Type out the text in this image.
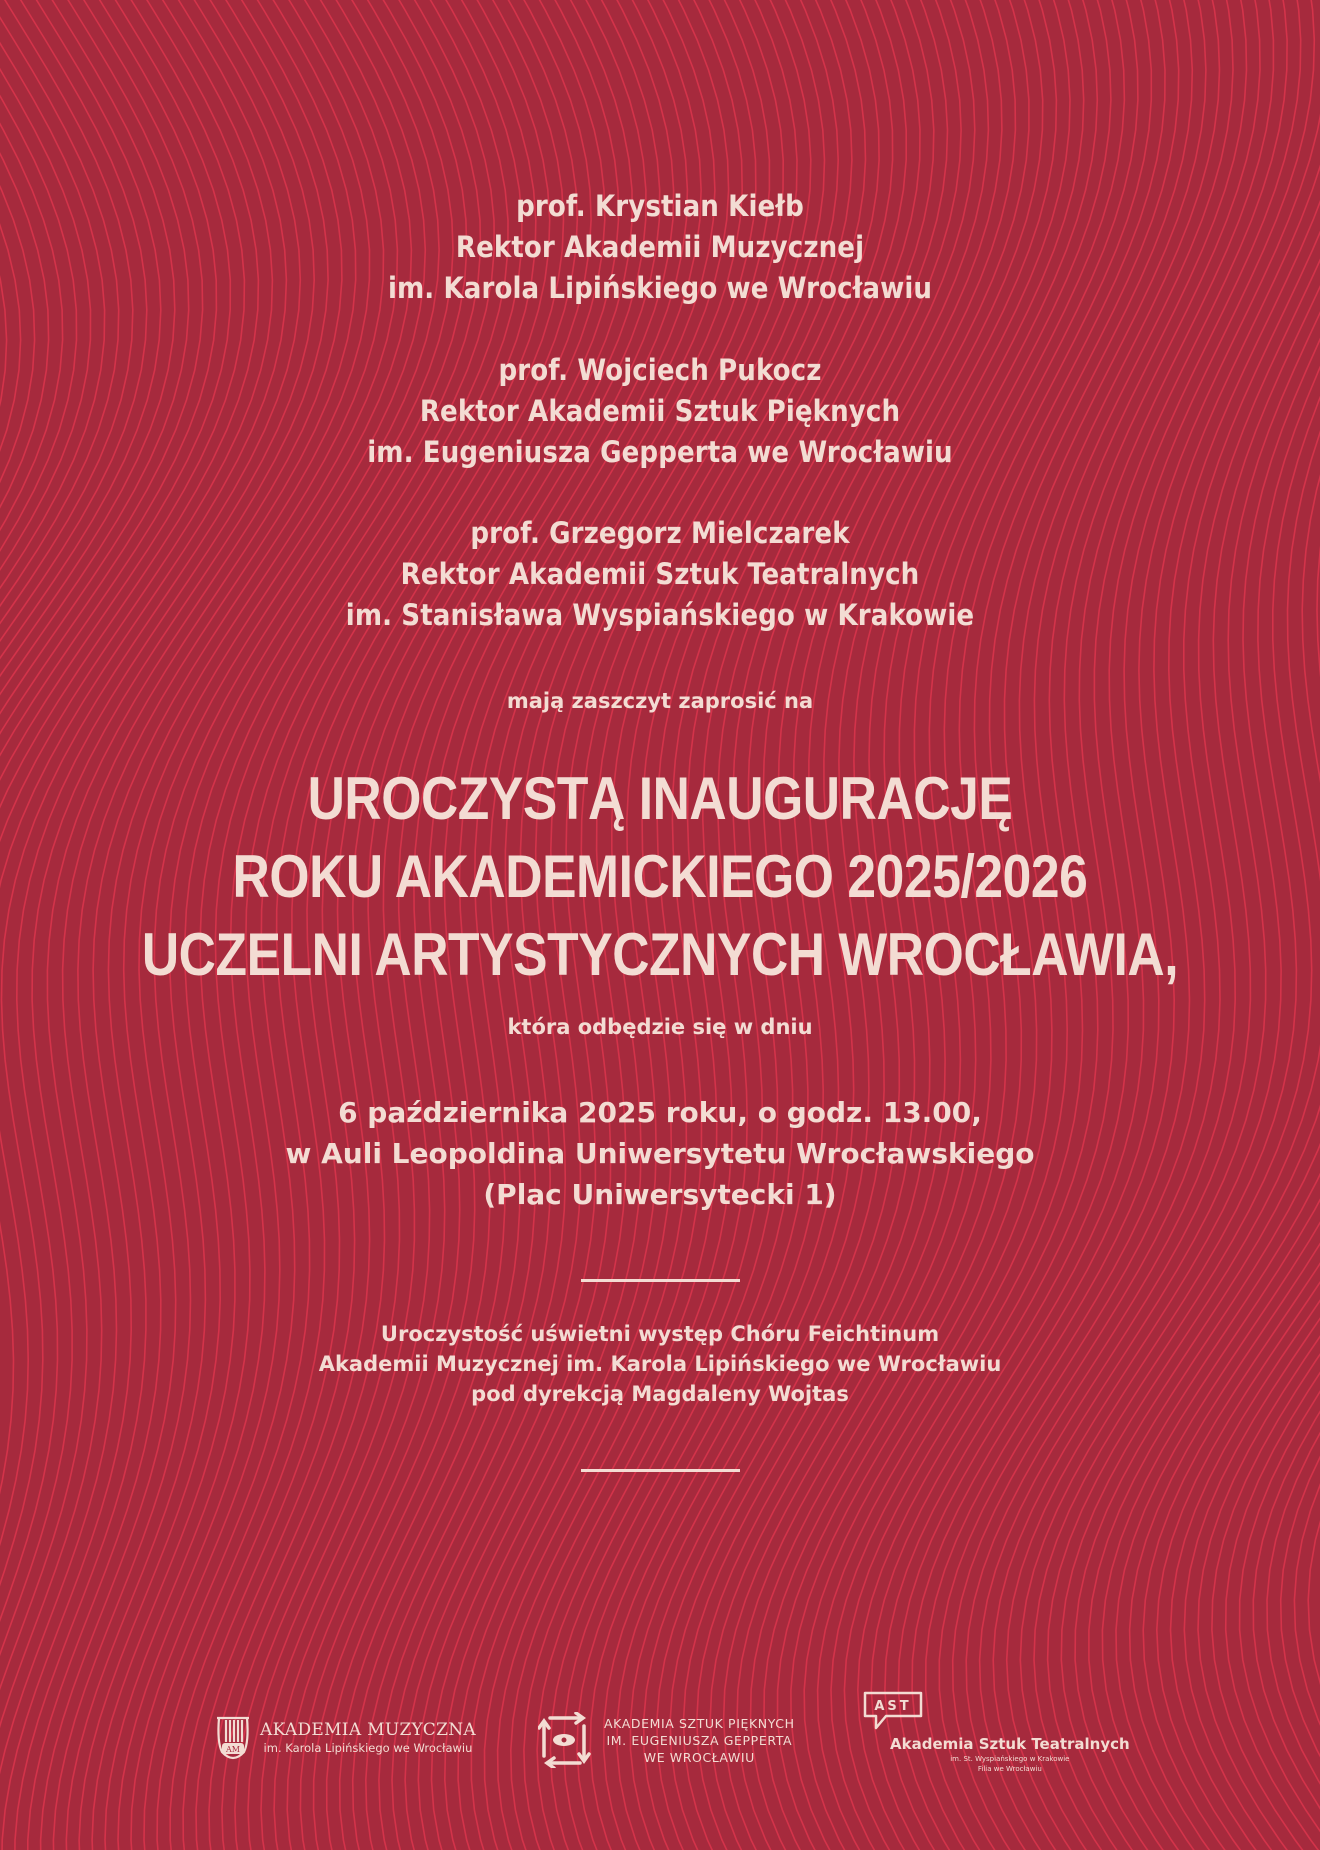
prof. Krystian Kiełb
Rektor Akademii Muzycznej
im. Karola Lipińskiego we Wrocławiu
prof. Wojciech Pukocz
Rektor Akademii Sztuk Pięknych
im. Eugeniusza Gepperta we Wrocławiu
prof. Grzegorz Mielczarek
Rektor Akademii Sztuk Teatralnych
im. Stanisława Wyspiańskiego w Krakowie
mają zaszczyt zaprosić na
UROCZYSTĄ INAUGURACJĘ
ROKU AKADEMICKIEGO 2025/2026
UCZELNI ARTYSTYCZNYCH WROCŁAWIA,
która odbędzie się w dniu
6 października 2025 roku, o godz. 13.00,
w Auli Leopoldina Uniwersytetu Wrocławskiego
(Plac Uniwersytecki 1)
Uroczystość uświetni występ Chóru Feichtinum
Akademii Muzycznej im. Karola Lipińskiego we Wrocławiu
pod dyrekcją Magdaleny Wojtas
AM
AKADEMIA MUZYCZNA
im. Karola Lipińskiego we Wrocławiu
AKADEMIA SZTUK PIĘKNYCH
IM. EUGENIUSZA GEPPERTA
WE WROCŁAWIU
AST
Akademia Sztuk Teatralnych
im. St. Wyspiańskiego w Krakowie
Filia we Wrocławiu
